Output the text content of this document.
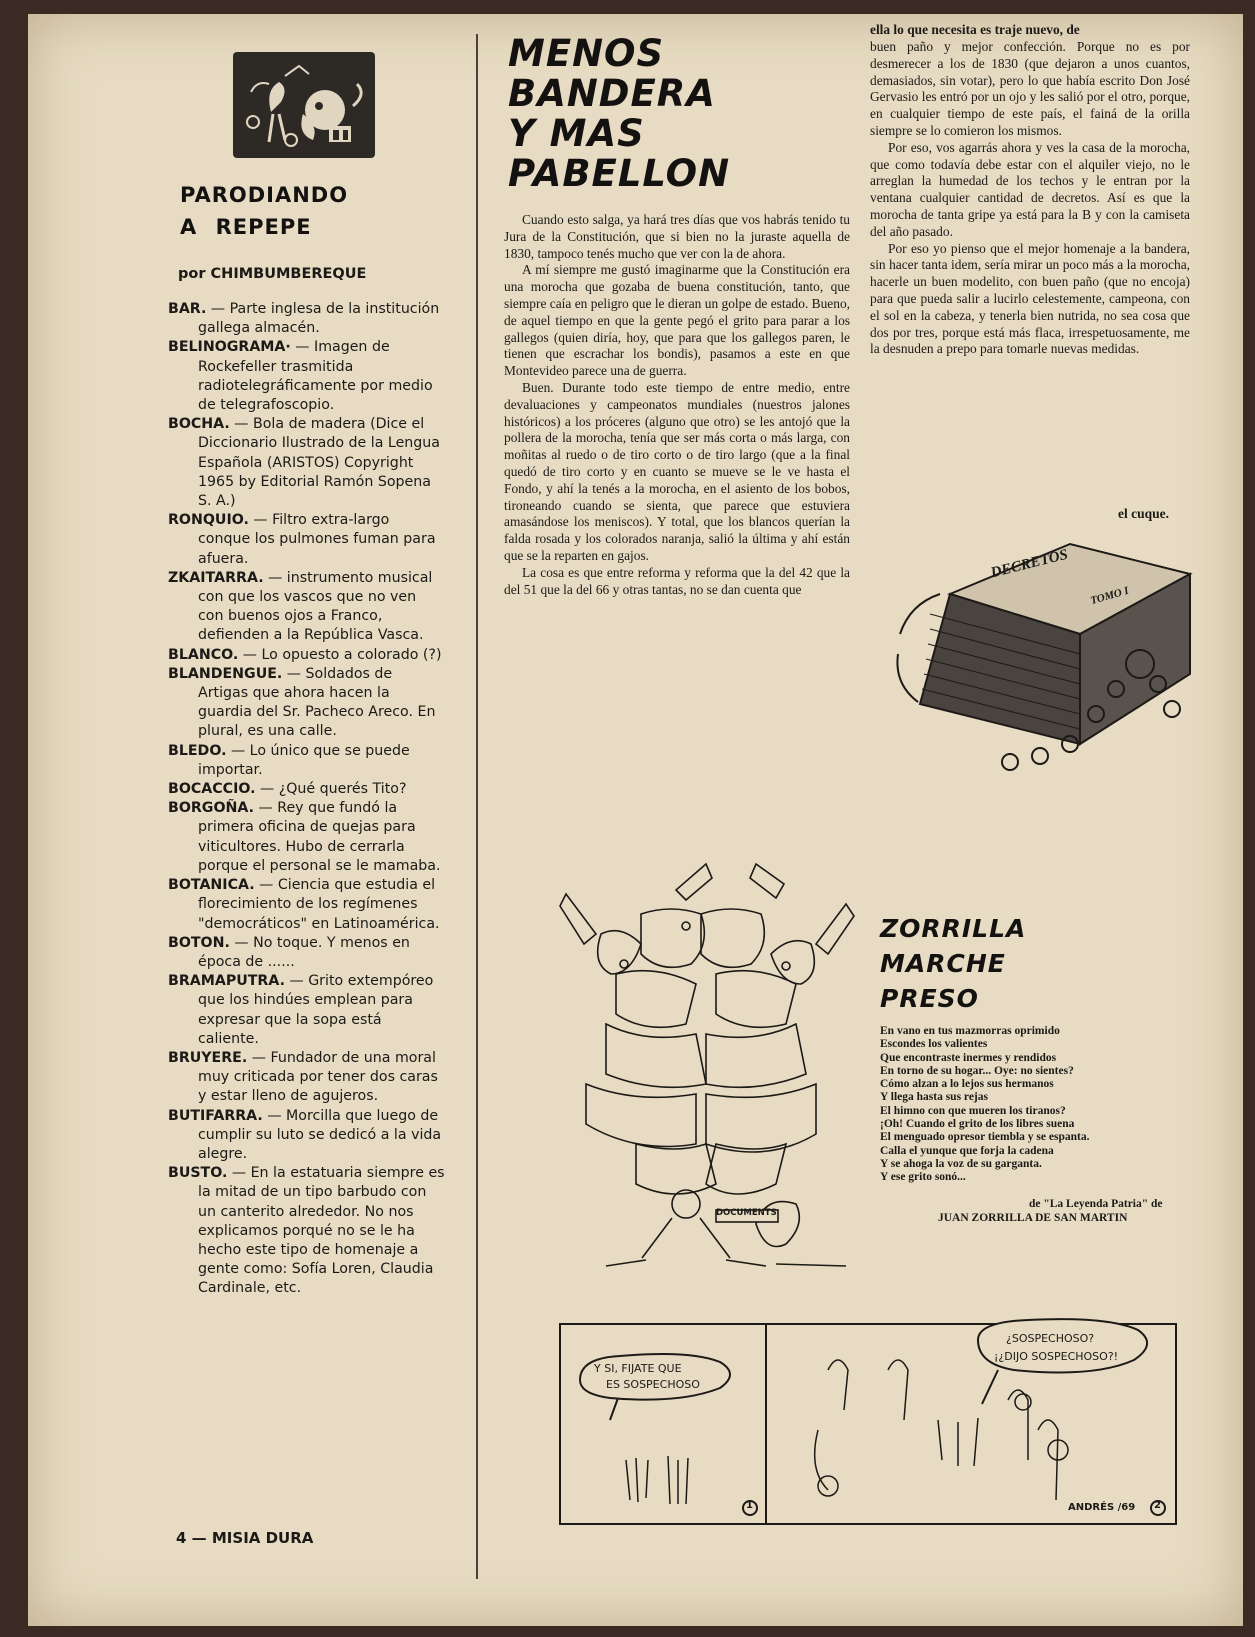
PARODIANDO
A REPEPE
por CHIMBUMBEREQUE

BAR. — Parte inglesa de la institución gallega almacén.

BELINOGRAMA· — Imagen de Rockefeller trasmitida radiotelegráficamente por medio de telegrafoscopio.

BOCHA. — Bola de madera (Dice el Diccionario Ilustrado de la Lengua Española (ARISTOS) Copyright 1965 by Editorial Ramón Sopena S. A.)

RONQUIO. — Filtro extra-largo conque los pulmones fuman para afuera.

ZKAITARRA. — instrumento musical con que los vascos que no ven con buenos ojos a Franco, defienden a la República Vasca.

BLANCO. — Lo opuesto a colorado (?)

BLANDENGUE. — Soldados de Artigas que ahora hacen la guardia del Sr. Pacheco Areco. En plural, es una calle.

BLEDO. — Lo único que se puede importar.

BOCACCIO. — ¿Qué querés Tito?

BORGOÑA. — Rey que fundó la primera oficina de quejas para viticultores. Hubo de cerrarla porque el personal se le mamaba.

BOTANICA. — Ciencia que estudia el florecimiento de los regímenes "democráticos" en Latinoamérica.

BOTON. — No toque. Y menos en época de ......

BRAMAPUTRA. — Grito extempóreo que los hindúes emplean para expresar que la sopa está caliente.

BRUYERE. — Fundador de una moral muy criticada por tener dos caras y estar lleno de agujeros.

BUTIFARRA. — Morcilla que luego de cumplir su luto se dedicó a la vida alegre.

BUSTO. — En la estatuaria siempre es la mitad de un tipo barbudo con un canterito alrededor. No nos explicamos porqué no se le ha hecho este tipo de homenaje a gente como: Sofía Loren, Claudia Cardinale, etc.

4 — MISIA DURA
MENOS
BANDERA
Y MAS
PABELLON

Cuando esto salga, ya hará tres días que vos habrás tenido tu Jura de la Constitución, que si bien no la juraste aquella de 1830, tampoco tenés mucho que ver con la de ahora.

A mí siempre me gustó imaginarme que la Constitución era una morocha que gozaba de buena constitución, tanto, que siempre caía en peligro que le dieran un golpe de estado. Bueno, de aquel tiempo en que la gente pegó el grito para parar a los gallegos (quien diría, hoy, que para que los gallegos paren, le tienen que escrachar los bondis), pasamos a este en que Montevideo parece una de guerra.

Buen. Durante todo este tiempo de entre medio, entre devaluaciones y campeonatos mundiales (nuestros jalones históricos) a los próceres (alguno que otro) se les antojó que la pollera de la morocha, tenía que ser más corta o más larga, con moñitas al ruedo o de tiro corto o de tiro largo (que a la final quedó de tiro corto y en cuanto se mueve se le ve hasta el Fondo, y ahí la tenés a la morocha, en el asiento de los bobos, tironeando cuando se sienta, que parece que estuviera amasándose los meniscos). Y total, que los blancos querían la falda rosada y los colorados naranja, salió la última y ahí están que se la reparten en gajos.

La cosa es que entre reforma y reforma que la del 42 que la del 51 que la del 66 y otras tantas, no se dan cuenta que

ella lo que necesita es traje nuevo, de

buen paño y mejor confección. Porque no es por desmerecer a los de 1830 (que dejaron a unos cuantos, demasiados, sin votar), pero lo que había escrito Don José Gervasio les entró por un ojo y les salió por el otro, porque, en cualquier tiempo de este país, el fainá de la orilla siempre se lo comieron los mismos.

Por eso, vos agarrás ahora y ves la casa de la morocha, que como todavía debe estar con el alquiler viejo, no le arreglan la humedad de los techos y le entran por la ventana cualquier cantidad de decretos. Así es que la morocha de tanta gripe ya está para la B y con la camiseta del año pasado.

Por eso yo pienso que el mejor homenaje a la bandera, sin hacer tanta idem, sería mirar un poco más a la morocha, hacerle un buen modelito, con buen paño (que no encoja) para que pueda salir a lucirlo celestemente, campeona, con el sol en la cabeza, y tenerla bien nutrida, no sea cosa que dos por tres, porque está más flaca, irrespetuosamente, me la desnuden a prepo para tomarle nuevas medidas.

el cuque.
DECRETOS
TOMO I
DOCUMENTS
ZORRILLA
MARCHE
PRESO
En vano en tus mazmorras oprimido
Escondes los valientes
Que encontraste inermes y rendidos
En torno de su hogar... Oye: no sientes?
Cómo alzan a lo lejos sus hermanos
Y llega hasta sus rejas
El himno con que mueren los tiranos?
¡Oh! Cuando el grito de los libres suena
El menguado opresor tiembla y se espanta.
Calla el yunque que forja la cadena
Y se ahoga la voz de su garganta.
Y ese grito sonó...
de "La Leyenda Patria" de
JUAN ZORRILLA DE SAN MARTIN
Y SI, FIJATE QUE
ES SOSPECHOSO
¿SOSPECHOSO?
¡¿DIJO SOSPECHOSO?!
1	2
ANDRÉS /69
